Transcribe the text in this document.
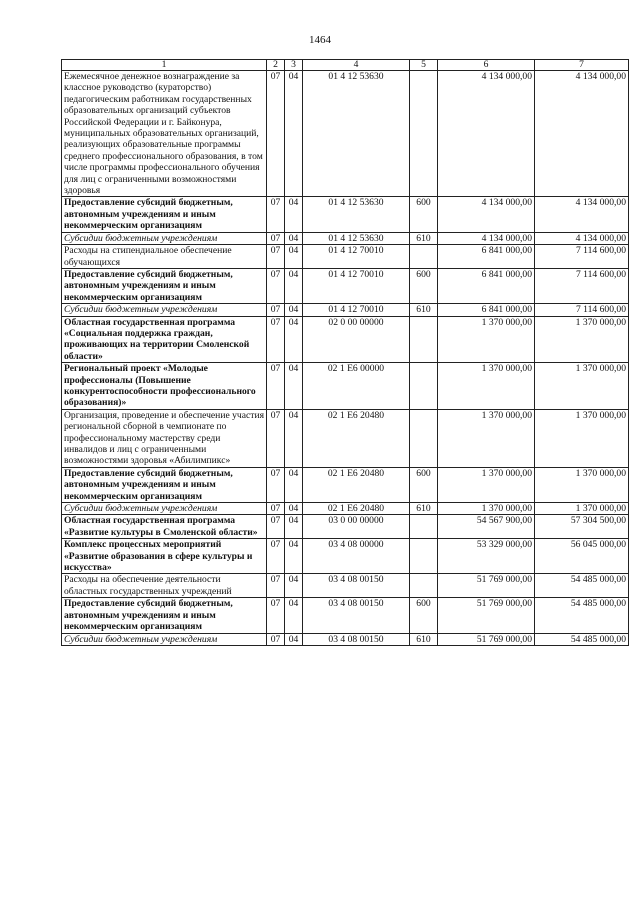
1464
1	2	3	4	5	6	7
Ежемесячное денежное вознаграждение за классное руководство (кураторство) педагогическим работникам государственных образовательных организаций субъектов Российской Федерации и г. Байконура, муниципальных образовательных организаций, реализующих образовательные программы среднего профессионального образования, в том числе программы профессионального обучения для лиц с ограниченными возможностями здоровья	07	04	01 4 12 53630		4 134 000,00	4 134 000,00
Предоставление субсидий бюджетным, автономным учреждениям и иным некоммерческим организациям	07	04	01 4 12 53630	600	4 134 000,00	4 134 000,00
Субсидии бюджетным учреждениям	07	04	01 4 12 53630	610	4 134 000,00	4 134 000,00
Расходы на стипендиальное обеспечение обучающихся	07	04	01 4 12 70010		6 841 000,00	7 114 600,00
Предоставление субсидий бюджетным, автономным учреждениям и иным некоммерческим организациям	07	04	01 4 12 70010	600	6 841 000,00	7 114 600,00
Субсидии бюджетным учреждениям	07	04	01 4 12 70010	610	6 841 000,00	7 114 600,00
Областная государственная программа «Социальная поддержка граждан, проживающих на территории Смоленской области»	07	04	02 0 00 00000		1 370 000,00	1 370 000,00
Региональный проект «Молодые профессионалы (Повышение конкурентоспособности профессионального образования)»	07	04	02 1 Е6 00000		1 370 000,00	1 370 000,00
Организация, проведение и обеспечение участия региональной сборной в чемпионате по профессиональному мастерству среди инвалидов и лиц с ограниченными возможностями здоровья «Абилимпикс»	07	04	02 1 Е6 20480		1 370 000,00	1 370 000,00
Предоставление субсидий бюджетным, автономным учреждениям и иным некоммерческим организациям	07	04	02 1 Е6 20480	600	1 370 000,00	1 370 000,00
Субсидии бюджетным учреждениям	07	04	02 1 Е6 20480	610	1 370 000,00	1 370 000,00
Областная государственная программа «Развитие культуры в Смоленской области»	07	04	03 0 00 00000		54 567 900,00	57 304 500,00
Комплекс процессных мероприятий «Развитие образования в сфере культуры и искусства»	07	04	03 4 08 00000		53 329 000,00	56 045 000,00
Расходы на обеспечение деятельности областных государственных учреждений	07	04	03 4 08 00150		51 769 000,00	54 485 000,00
Предоставление субсидий бюджетным, автономным учреждениям и иным некоммерческим организациям	07	04	03 4 08 00150	600	51 769 000,00	54 485 000,00
Субсидии бюджетным учреждениям	07	04	03 4 08 00150	610	51 769 000,00	54 485 000,00
